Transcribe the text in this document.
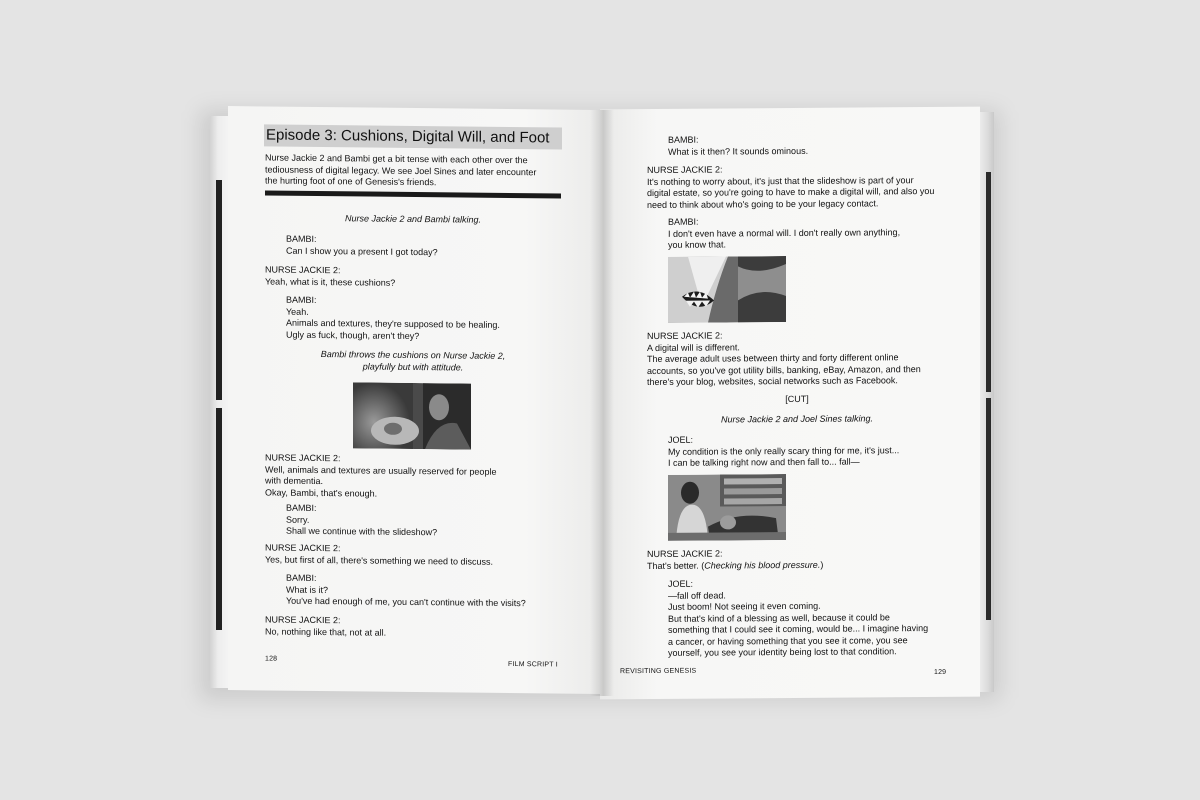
Episode 3: Cushions, Digital Will, and Foot
Nurse Jackie 2 and Bambi get a bit tense with each other over the
tediousness of digital legacy. We see Joel Sines and later encounter
the hurting foot of one of Genesis's friends.
Nurse Jackie 2 and Bambi talking.
BAMBI:
Can I show you a present I got today?
NURSE JACKIE 2:
Yeah, what is it, these cushions?
BAMBI:
Yeah.
Animals and textures, they're supposed to be healing.
Ugly as fuck, though, aren't they?
Bambi throws the cushions on Nurse Jackie 2,
playfully but with attitude.
NURSE JACKIE 2:
Well, animals and textures are usually reserved for people
with dementia.
Okay, Bambi, that's enough.
BAMBI:
Sorry.
Shall we continue with the slideshow?
NURSE JACKIE 2:
Yes, but first of all, there's something we need to discuss.
BAMBI:
What is it?
You've had enough of me, you can't continue with the visits?
NURSE JACKIE 2:
No, nothing like that, not at all.
128
FILM SCRIPT I
BAMBI:
What is it then? It sounds ominous.
NURSE JACKIE 2:
It's nothing to worry about, it's just that the slideshow is part of your
digital estate, so you're going to have to make a digital will, and also you
need to think about who's going to be your legacy contact.
BAMBI:
I don't even have a normal will. I don't really own anything,
you know that.
NURSE JACKIE 2:
A digital will is different.
The average adult uses between thirty and forty different online
accounts, so you've got utility bills, banking, eBay, Amazon, and then
there's your blog, websites, social networks such as Facebook.
[CUT]
Nurse Jackie 2 and Joel Sines talking.
JOEL:
My condition is the only really scary thing for me, it's just...
I can be talking right now and then fall to... fall—
NURSE JACKIE 2:
That's better. (Checking his blood pressure.)
JOEL:
—fall off dead.
Just boom! Not seeing it even coming.
But that's kind of a blessing as well, because it could be
something that I could see it coming, would be... I imagine having
a cancer, or having something that you see it come, you see
yourself, you see your identity being lost to that condition.
REVISITING GENESIS	129
